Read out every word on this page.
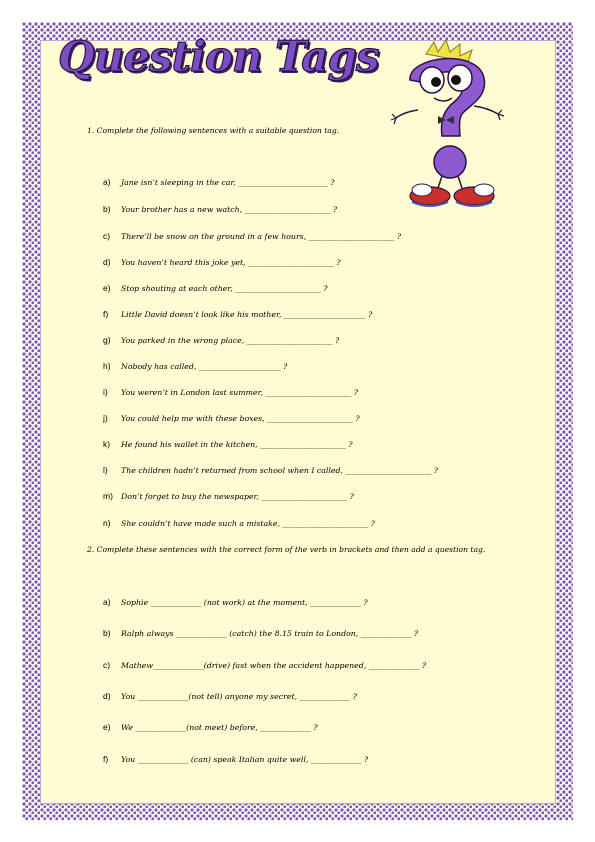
Question Tags

1. Complete the following sentences with a suitable question tag.

a)	Jane isn’t sleeping in the car, _______________________ ?
b)	Your brother has a new watch, ______________________ ?
c)	There’ll be snow on the ground in a few hours, ______________________ ?
d)	You haven’t heard this joke yet, ______________________ ?
e)	Stop shouting at each other, ______________________ ?
f)	Little David doesn’t look like his mother, _____________________ ?
g)	You parked in the wrong place, ______________________ ?
h)	Nobody has called, _____________________ ?
i)	You weren’t in London last summer, ______________________ ?
j)	You could help me with these boxes, ______________________ ?
k)	He found his wallet in the kitchen, ______________________ ?
l)	The children hadn’t returned from school when I called, ______________________ ?
m)	Don’t forget to buy the newspaper, ______________________ ?
n)	She couldn’t have made such a mistake, ______________________ ?

2. Complete these sentences with the correct form of the verb in brackets and then add a question tag.

a)	Sophie _____________ (not work) at the moment, _____________ ?
b)	Ralph always _____________ (catch) the 8.15 train to London, _____________ ?
c)	Mathew_____________(drive) fast when the accident happened, _____________ ?
d)	You _____________(not tell) anyone my secret, _____________ ?
e)	We _____________(not meet) before, _____________ ?
f)	You _____________ (can) speak Italian quite well, _____________ ?
